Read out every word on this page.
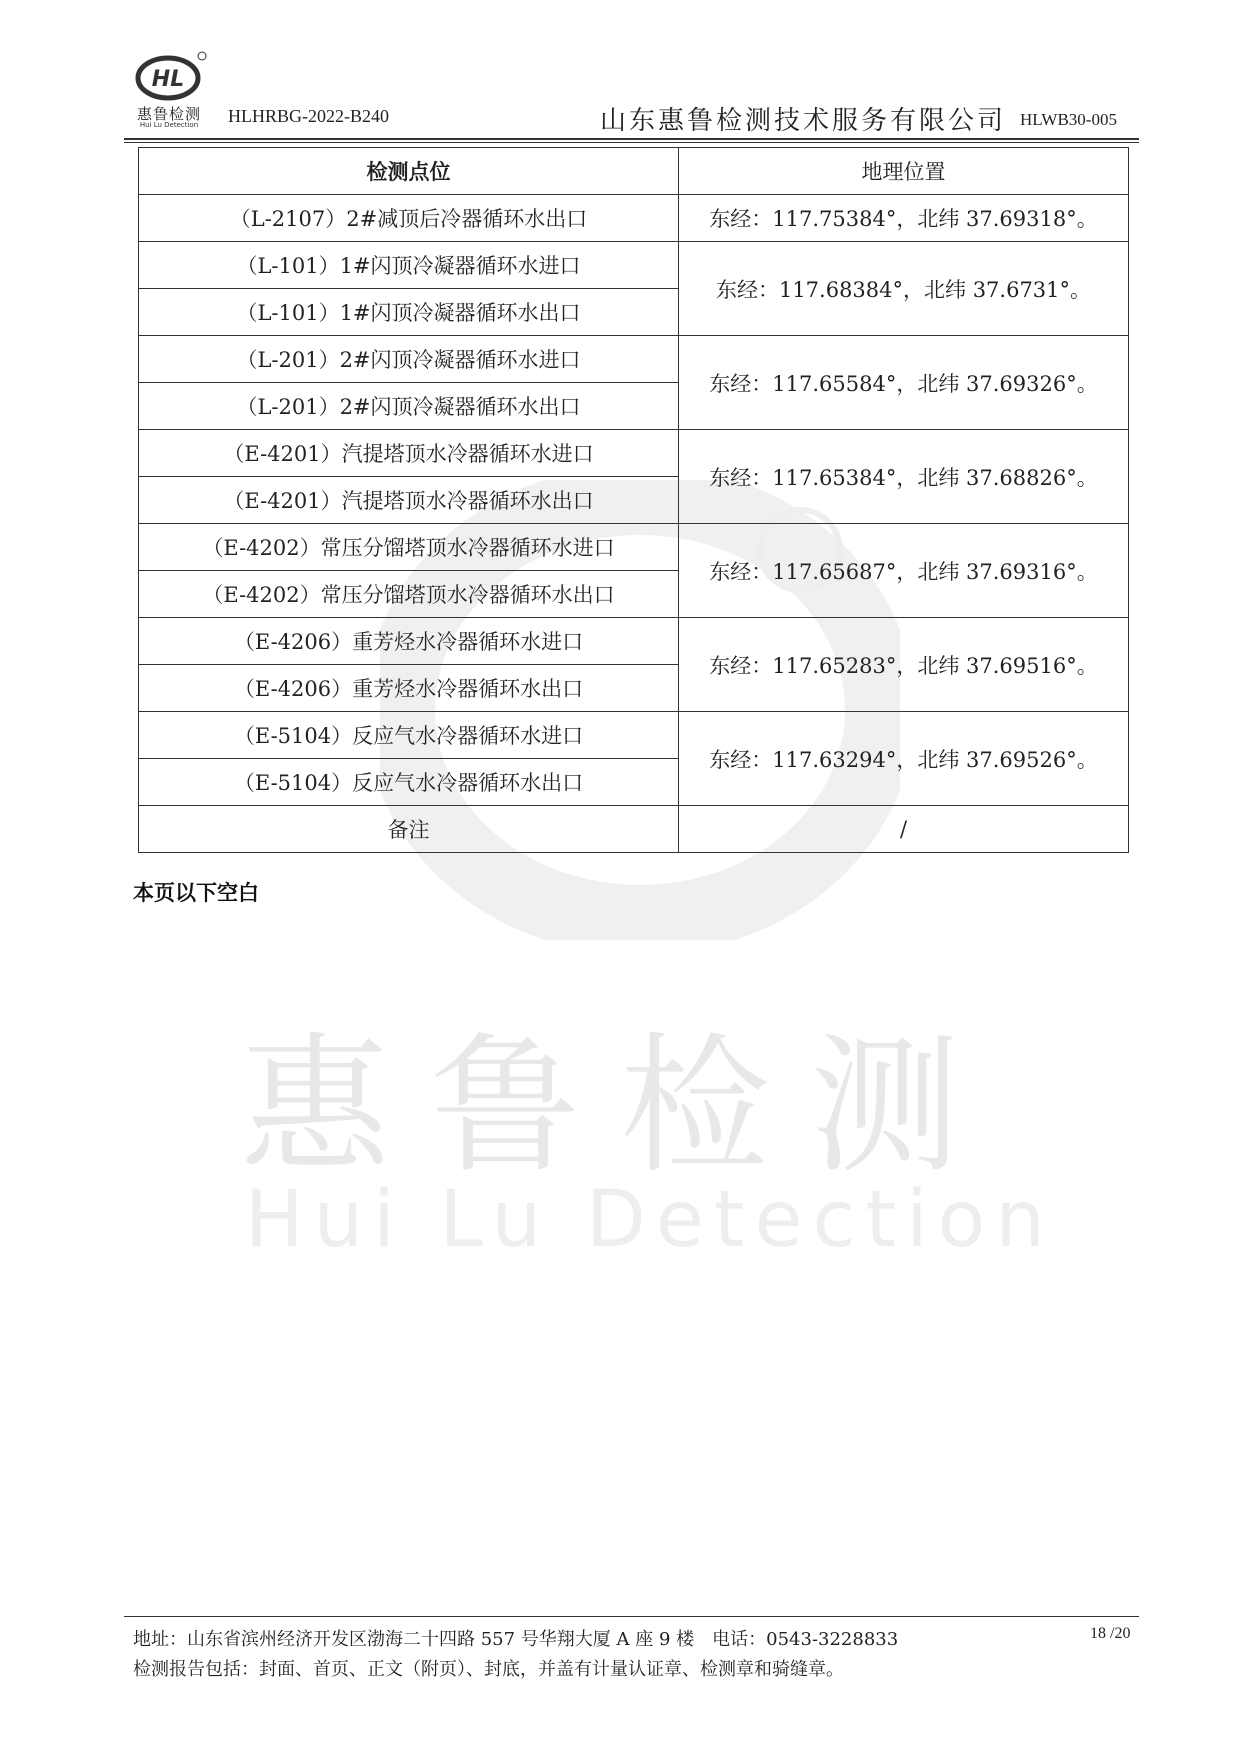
惠鲁检测
Hui Lu Detection
HL
惠鲁检测
Hui Lu Detection	HLHRBG-2022-B240	山东惠鲁检测技术服务有限公司 HLWB30-005
检测点位	地理位置
（L-2107）2#减顶后冷器循环水出口	东经：117.75384°，北纬 37.69318°。
（L-101）1#闪顶冷凝器循环水进口	东经：117.68384°，北纬 37.6731°。
（L-101）1#闪顶冷凝器循环水出口	
（L-201）2#闪顶冷凝器循环水进口	东经：117.65584°，北纬 37.69326°。
（L-201）2#闪顶冷凝器循环水出口	
（E-4201）汽提塔顶水冷器循环水进口	东经：117.65384°，北纬 37.68826°。
（E-4201）汽提塔顶水冷器循环水出口	
（E-4202）常压分馏塔顶水冷器循环水进口	东经：117.65687°，北纬 37.69316°。
（E-4202）常压分馏塔顶水冷器循环水出口	
（E-4206）重芳烃水冷器循环水进口	东经：117.65283°，北纬 37.69516°。
（E-4206）重芳烃水冷器循环水出口	
（E-5104）反应气水冷器循环水进口	东经：117.63294°，北纬 37.69526°。
（E-5104）反应气水冷器循环水出口	
备注	/
本页以下空白
地址：山东省滨州经济开发区渤海二十四路 557 号华翔大厦 A 座 9 楼　电话：0543-3228833	18 /20
检测报告包括：封面、首页、正文（附页）、封底，并盖有计量认证章、检测章和骑缝章。
